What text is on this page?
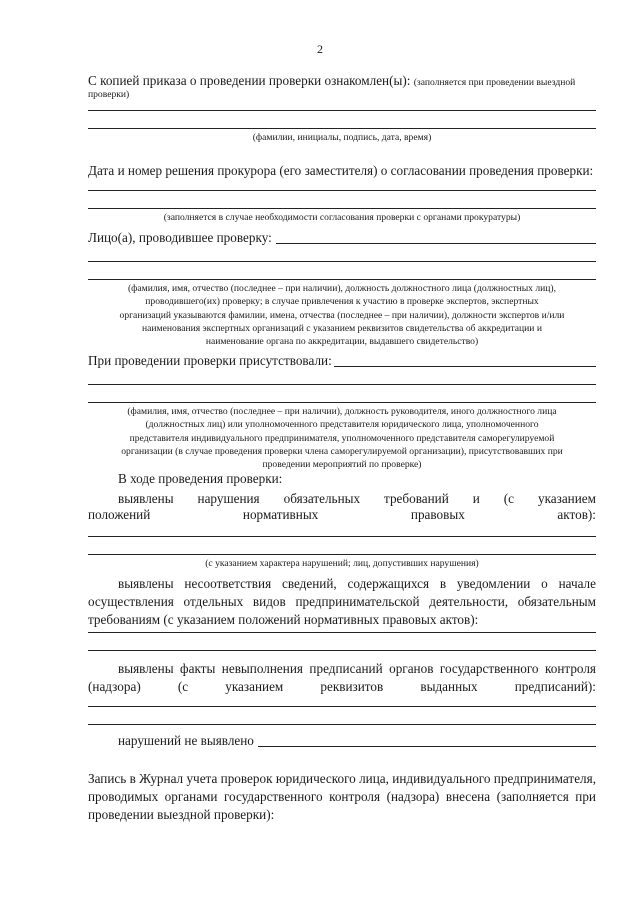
2
С копией приказа о проведении проверки ознакомлен(ы): (заполняется при проведении выездной
проверки)
(фамилии, инициалы, подпись, дата, время)
Дата и номер решения прокурора (его заместителя) о согласовании проведения проверки:
(заполняется в случае необходимости согласования проверки с органами прокуратуры)
Лицо(а), проводившее проверку:
(фамилия, имя, отчество (последнее – при наличии), должность должностного лица (должностных лиц),
проводившего(их) проверку; в случае привлечения к участию в проверке экспертов, экспертных
организаций указываются фамилии, имена, отчества (последнее – при наличии), должности экспертов и/или
наименования экспертных организаций с указанием реквизитов свидетельства об аккредитации и
наименование органа по аккредитации, выдавшего свидетельство)
При проведении проверки присутствовали:
(фамилия, имя, отчество (последнее – при наличии), должность руководителя, иного должностного лица
(должностных лиц) или уполномоченного представителя юридического лица, уполномоченного
представителя индивидуального предпринимателя, уполномоченного представителя саморегулируемой
организации (в случае проведения проверки члена саморегулируемой организации), присутствовавших при
проведении мероприятий по проверке)
В ходе проведения проверки:
выявлены нарушения обязательных требований и (с указанием
положений	нормативных	правовых	актов):
(с указанием характера нарушений; лиц, допустивших нарушения)
выявлены несоответствия сведений, содержащихся в уведомлении о начале осуществления отдельных видов предпринимательской деятельности, обязательным требованиям (с указанием положений нормативных правовых актов):
выявлены факты невыполнения предписаний органов государственного контроля
(надзора)	(с	указанием	реквизитов	выданных	предписаний):
нарушений не выявлено
Запись в Журнал учета проверок юридического лица, индивидуального предпринимателя, проводимых органами государственного контроля (надзора) внесена (заполняется при проведении выездной проверки):
